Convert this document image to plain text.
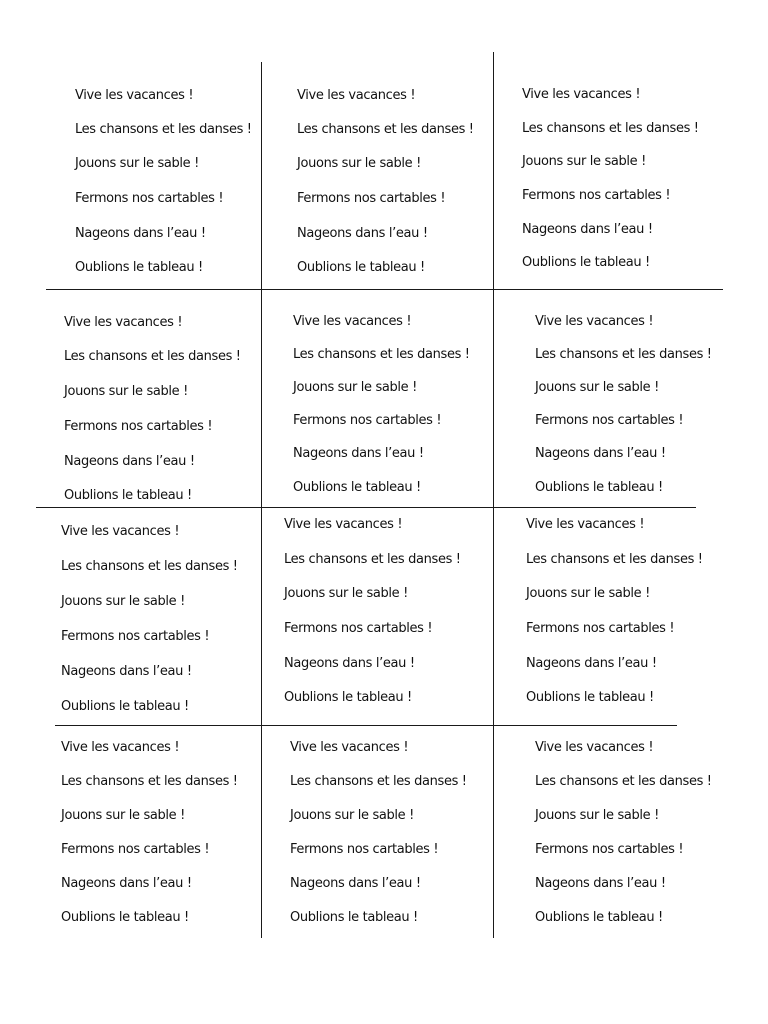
Vive les vacances !
Les chansons et les danses !
Jouons sur le sable !
Fermons nos cartables !
Nageons dans l’eau !
Oublions le tableau !
Vive les vacances !
Les chansons et les danses !
Jouons sur le sable !
Fermons nos cartables !
Nageons dans l’eau !
Oublions le tableau !
Vive les vacances !
Les chansons et les danses !
Jouons sur le sable !
Fermons nos cartables !
Nageons dans l’eau !
Oublions le tableau !
Vive les vacances !
Les chansons et les danses !
Jouons sur le sable !
Fermons nos cartables !
Nageons dans l’eau !
Oublions le tableau !
Vive les vacances !
Les chansons et les danses !
Jouons sur le sable !
Fermons nos cartables !
Nageons dans l’eau !
Oublions le tableau !
Vive les vacances !
Les chansons et les danses !
Jouons sur le sable !
Fermons nos cartables !
Nageons dans l’eau !
Oublions le tableau !
Vive les vacances !
Les chansons et les danses !
Jouons sur le sable !
Fermons nos cartables !
Nageons dans l’eau !
Oublions le tableau !
Vive les vacances !
Les chansons et les danses !
Jouons sur le sable !
Fermons nos cartables !
Nageons dans l’eau !
Oublions le tableau !
Vive les vacances !
Les chansons et les danses !
Jouons sur le sable !
Fermons nos cartables !
Nageons dans l’eau !
Oublions le tableau !
Vive les vacances !
Les chansons et les danses !
Jouons sur le sable !
Fermons nos cartables !
Nageons dans l’eau !
Oublions le tableau !
Vive les vacances !
Les chansons et les danses !
Jouons sur le sable !
Fermons nos cartables !
Nageons dans l’eau !
Oublions le tableau !
Vive les vacances !
Les chansons et les danses !
Jouons sur le sable !
Fermons nos cartables !
Nageons dans l’eau !
Oublions le tableau !
